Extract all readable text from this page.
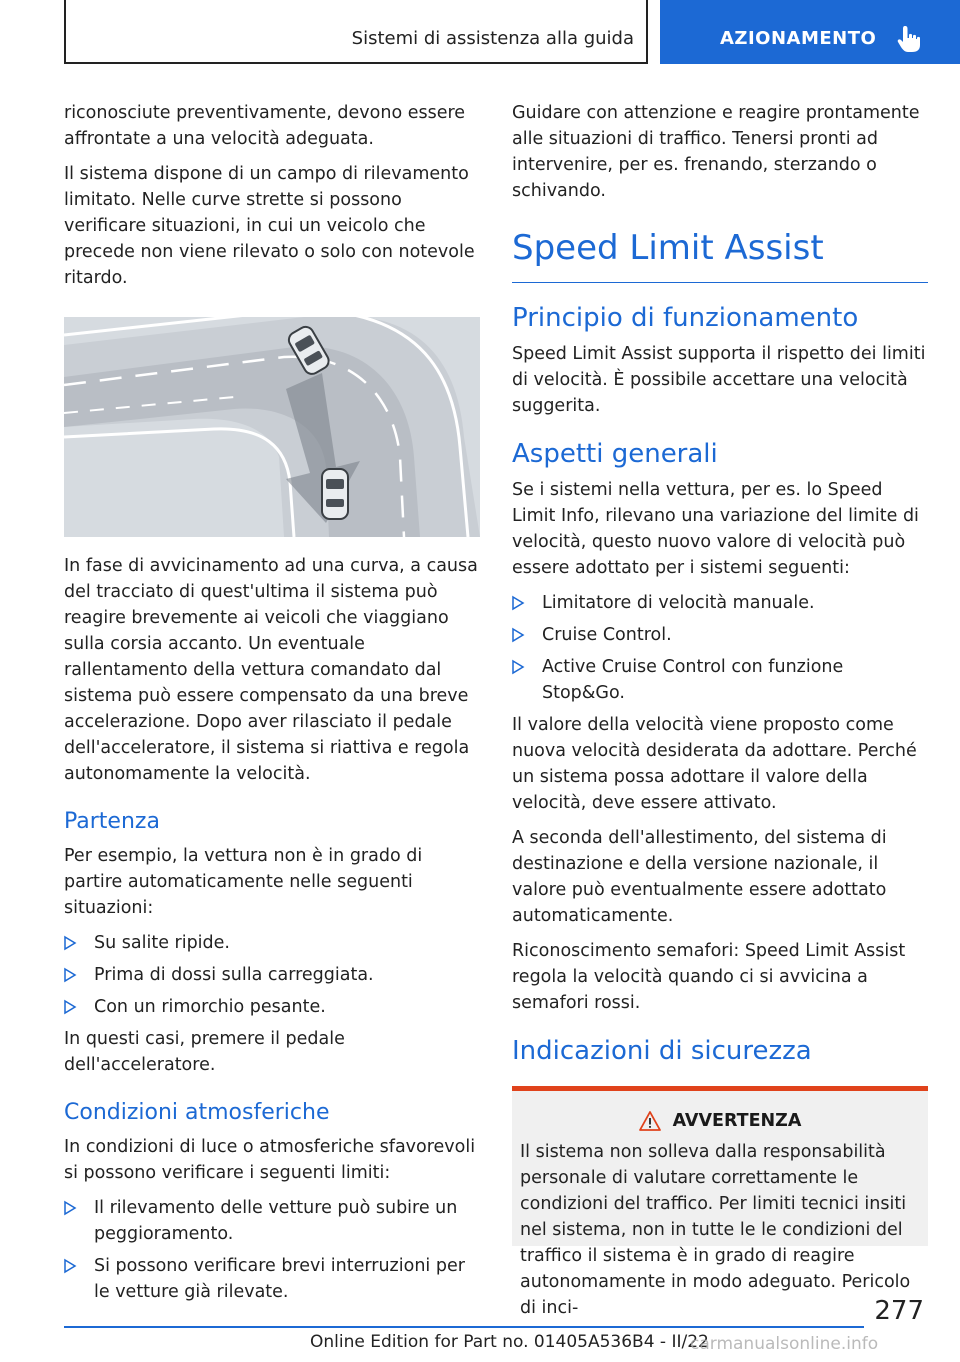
Sistemi di assistenza alla guida	AZIONAMENTO

riconosciute preventivamente, devono essere affrontate a una velocità adeguata.

Il sistema dispone di un campo di rilevamento limitato. Nelle curve strette si possono verificare situazioni, in cui un veicolo che precede non viene rilevato o solo con notevole ritardo.

In fase di avvicinamento ad una curva, a causa del tracciato di quest'ultima il sistema può reagire brevemente ai veicoli che viaggiano sulla corsia accanto. Un eventuale rallentamento della vettura comandato dal sistema può essere compensato da una breve accelerazione. Dopo aver rilasciato il pedale dell'acceleratore, il sistema si riattiva e regola autonomamente la velocità.

Partenza

Per esempio, la vettura non è in grado di partire automaticamente nelle seguenti situazioni:

Su salite ripide.
Prima di dossi sulla carreggiata.
Con un rimorchio pesante.

In questi casi, premere il pedale dell'acceleratore.

Condizioni atmosferiche

In condizioni di luce o atmosferiche sfavorevoli si possono verificare i seguenti limiti:

Il rilevamento delle vetture può subire un peggioramento.
Si possono verificare brevi interruzioni per le vetture già rilevate.

Guidare con attenzione e reagire prontamente alle situazioni di traffico. Tenersi pronti ad intervenire, per es. frenando, sterzando o schivando.

Speed Limit Assist
Principio di funzionamento

Speed Limit Assist supporta il rispetto dei limiti di velocità. È possibile accettare una velocità suggerita.

Aspetti generali

Se i sistemi nella vettura, per es. lo Speed Limit Info, rilevano una variazione del limite di velocità, questo nuovo valore di velocità può essere adottato per i sistemi seguenti:

Limitatore di velocità manuale.
Cruise Control.
Active Cruise Control con funzione Stop&Go.

Il valore della velocità viene proposto come nuova velocità desiderata da adottare. Perché un sistema possa adottare il valore della velocità, deve essere attivato.

A seconda dell'allestimento, del sistema di destinazione e della versione nazionale, il valore può eventualmente essere adottato automaticamente.

Riconoscimento semafori: Speed Limit Assist regola la velocità quando ci si avvicina a semafori rossi.

Indicazioni di sicurezza
AVVERTENZA

Il sistema non solleva dalla responsabilità personale di valutare correttamente le condizioni del traffico. Per limiti tecnici insiti nel sistema, non in tutte le le condizioni del traffico il sistema è in grado di reagire autonomamente in modo adeguato. Pericolo di inci-	277
Online Edition for Part no. 01405A536B4 - II/22
carmanualsonline.info
